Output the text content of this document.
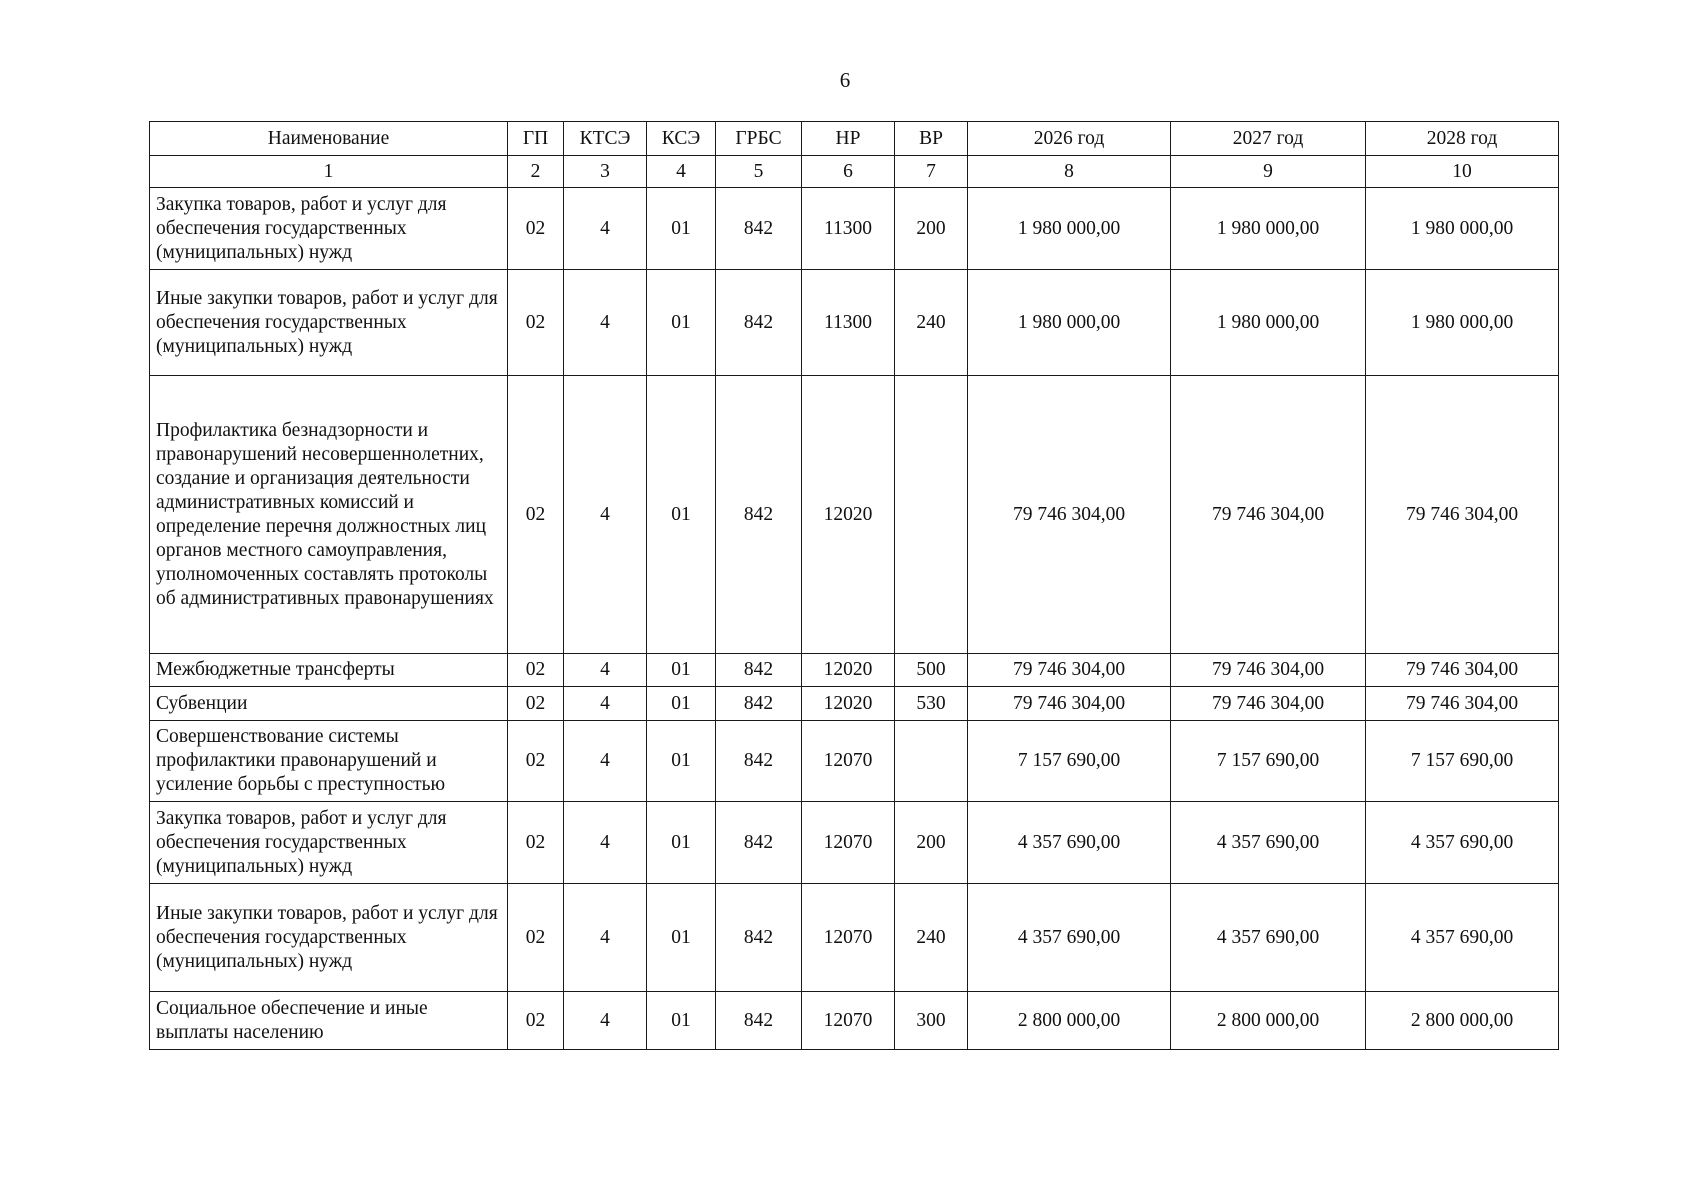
6
Наименование	ГП	КТСЭ	КСЭ	ГРБС	НР	ВР	2026 год	2027 год	2028 год
1	2	3	4	5	6	7	8	9	10
Закупка товаров, работ и услуг для обеспечения государственных (муниципальных) нужд	02	4	01	842	11300	200	1 980 000,00	1 980 000,00	1 980 000,00
Иные закупки товаров, работ и услуг для обеспечения государственных (муниципальных) нужд	02	4	01	842	11300	240	1 980 000,00	1 980 000,00	1 980 000,00
Профилактика безнадзорности и правонарушений несовершеннолетних, создание и организация деятельности административных комиссий и определение перечня должностных лиц органов местного самоуправления, уполномоченных составлять протоколы об административных правонарушениях	02	4	01	842	12020		79 746 304,00	79 746 304,00	79 746 304,00
Межбюджетные трансферты	02	4	01	842	12020	500	79 746 304,00	79 746 304,00	79 746 304,00
Субвенции	02	4	01	842	12020	530	79 746 304,00	79 746 304,00	79 746 304,00
Совершенствование системы профилактики правонарушений и усиление борьбы с преступностью	02	4	01	842	12070		7 157 690,00	7 157 690,00	7 157 690,00
Закупка товаров, работ и услуг для обеспечения государственных (муниципальных) нужд	02	4	01	842	12070	200	4 357 690,00	4 357 690,00	4 357 690,00
Иные закупки товаров, работ и услуг для обеспечения государственных (муниципальных) нужд	02	4	01	842	12070	240	4 357 690,00	4 357 690,00	4 357 690,00
Социальное обеспечение и иные выплаты населению	02	4	01	842	12070	300	2 800 000,00	2 800 000,00	2 800 000,00
